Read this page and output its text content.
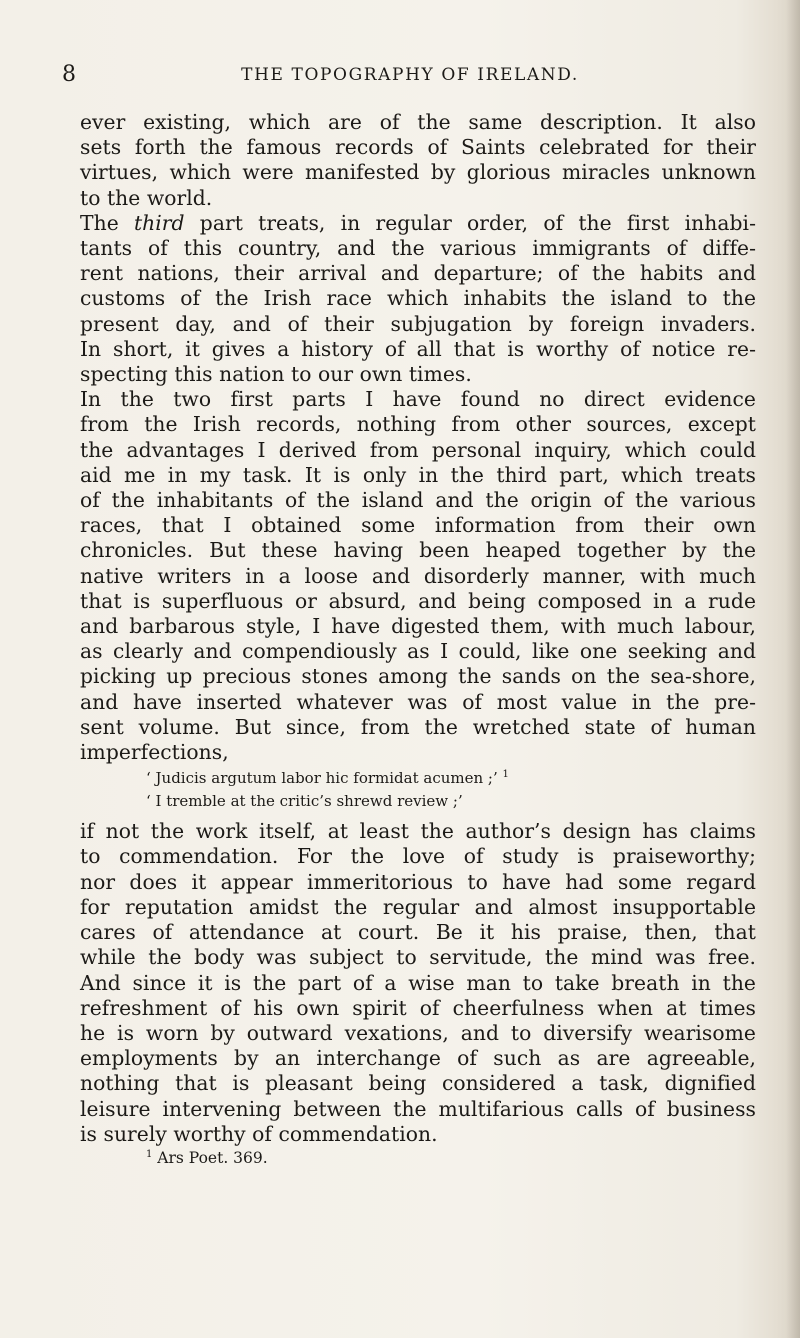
8	THE TOPOGRAPHY OF IRELAND.
ever existing, which are of the same description. It also
sets forth the famous records of Saints celebrated for their
virtues, which were manifested by glorious miracles unknown
to the world.
The third part treats, in regular order, of the first inhabi-
tants of this country, and the various immigrants of diffe-
rent nations, their arrival and departure; of the habits and
customs of the Irish race which inhabits the island to the
present day, and of their subjugation by foreign invaders.
In short, it gives a history of all that is worthy of notice re-
specting this nation to our own times.
In the two first parts I have found no direct evidence
from the Irish records, nothing from other sources, except
the advantages I derived from personal inquiry, which could
aid me in my task. It is only in the third part, which treats
of the inhabitants of the island and the origin of the various
races, that I obtained some information from their own
chronicles. But these having been heaped together by the
native writers in a loose and disorderly manner, with much
that is superfluous or absurd, and being composed in a rude
and barbarous style, I have digested them, with much labour,
as clearly and compendiously as I could, like one seeking and
picking up precious stones among the sands on the sea-shore,
and have inserted whatever was of most value in the pre-
sent volume. But since, from the wretched state of human
imperfections,
‘ Judicis argutum labor hic formidat acumen ;’ $^1$
‘ I tremble at the critic’s shrewd review ;’
if not the work itself, at least the author’s design has claims
to commendation. For the love of study is praiseworthy;
nor does it appear immeritorious to have had some regard
for reputation amidst the regular and almost insupportable
cares of attendance at court. Be it his praise, then, that
while the body was subject to servitude, the mind was free.
And since it is the part of a wise man to take breath in the
refreshment of his own spirit of cheerfulness when at times
he is worn by outward vexations, and to diversify wearisome
employments by an interchange of such as are agreeable,
nothing that is pleasant being considered a task, dignified
leisure intervening between the multifarious calls of business
is surely worthy of commendation.
$^1$ Ars Poet. 369.
